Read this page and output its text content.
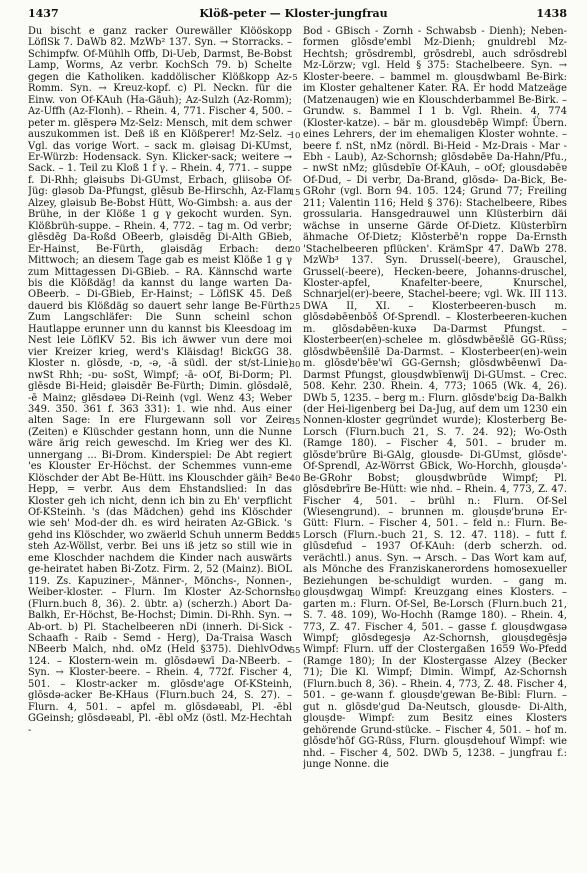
1437	Klöß-peter — Kloster-jungfrau	1438

Du bischt e ganz racker Ourewäller Klööskopp LöflSk 7. DaWb 82. MzWb² 137. Syn. → Storracks. – Schimpfw. Of-Mühlh Offb, Di-Ueb, Darmst, Be-Bobst Lamp, Worms, Az verbr. KochSch 79. b) Schelte gegen die Katholiken. kaddölischer Klößkopp Az-Romm. Syn. → Kreuz-kopf. c) Pl. Neckn. für die Einw. von Of-KAuh (Ha-Gäuh); Az-Sulzh (Az-Romm); Az-Uffh (Az-Flonh). – Rhein. 4, 771. Fischer 4, 500. – peter m. glēsperə Mz-Selz: Mensch, mit dem schwer auszukommen ist. Deß iß en Klößperer! Mz-Selz. – Vgl. das vorige Wort. – sack m. gləisag Di-KUmst, Er-Würzb: Hodensack. Syn. Klicker-sack; weitere → Sack. – 1. Teil zu Kloß 1 f γ. – Rhein. 4, 771. – suppe f. Di-Rhh; gləisubs Di-GUmst, Erbach, gliisobə Of-Jüg: gləsob Da-Pfungst, glēsub Be-Hirschh, Az-Flam Alzey, gləisub Be-Bobst Hütt, Wo-Gimbsh: a. aus der Brühe, in der Klöße 1 g γ gekocht wurden. Syn. Klößbrüh-suppe. – Rhein. 4, 772. – tag m. Od verbr; glēsdēg Da-Roßd OBeerb, gləisdēg Di-Alth GBieb, Er-Hainst, Be-Fürth, gləisdāg Erbach: der Mittwoch; an diesem Tage gab es meist Klöße 1 g γ zum Mittagessen Di-GBieb. – RA. Kännschd warte bis die Klößdäg! da kannst du lange warten Da-OBeerb. – Di-GBieb, Er-Hainst; – LöflSK 45. Deß dauerd bis Klößdäg so dauert sehr lange Be-Fürth. Zum Langschläfer: Die Sunn scheinl schon Hautlappe erunner unn du kannst bis Kleesdoag im Nest leie LöflKV 52. Bis ich äwwer vun dere moi vier Kreizer krieg, werd's Kläisdag! BickGG 38. Kloster n. glōsdɐ, -ɒ, -ə, -ā südl. der st/st-Linie) nwSt Rhh; -ɒu- soSt, Wimpf; -ā- oOf, Bi-Dorm; Pl. glēsdɐ Bi-Heid; gləisdēr Be-Fürth; Dimin. glōsdəlē, -ē Mainz; glēsdəɐə Di-Reinh (vgl. Wenz 43; Weber 349. 350. 361 f. 363 331): 1. wie nhd. Aus einer alten Sage: In ere Flurgewann soll vor Zeire (Zeiten) e Klüschder gestann honn, unn die Nunne wäre ärig reich geweschd. Im Krieg wer des Kl. unnergang ... Bi-Drom. Kinderspiel: De Abt regiert 'es Klouster Er-Höchst. der Schemmes vunn-eme Klöschder der Abt Be-Hütt. ins Klouschder gäih² Be-Hepp, = verbr. Aus dem Ehstandslied: In das Kloster geh ich nicht, denn ich bin zu Eh' verpflicht Of-KSteinh. 's (das Mädchen) gehd ins Klöschder wie seh' Mod-der dh. es wird heiraten Az-GBick. 's gehd ins Klöschder, wo zwäerld Schuh unnerm Bedd steh Az-Wöllst, verbr. Bei uns iß jetz so still wie in eme Kloschder nachdem die Kinder nach auswärts ge-heiratet haben Bi-Zotz. Firm. 2, 52 (Mainz). BiOL 119. Zs. Kapuziner-, Männer-, Mönchs-, Nonnen-, Weiber-kloster. – Flurn. Im Kloster Az-Schornsh (Flurn.buch 8, 36). 2. übtr. a) (scherzh.) Abort Da-Balkh, Er-Höchst, Be-Hochst; Dimin. Di-Rhh. Syn. → Ab-ort. b) Pl. Stachelbeeren nDi (innerh. Di-Sick - Schaafh - Raib - Semd - Herg), Da-Traisa Wasch NBeerb Malch, nhd. oMz (Held §375). DiehlvOdw 124. – Klostern-wein m. glōsdəɐwī Da-NBeerb. – Syn. → Kloster-beere. – Rhein. 4, 772f. Fischer 4, 501. – Klostr-acker m. glōsdɐ'agɐ Of-KSteinh, glōsdə-acker Be-KHaus (Flurn.buch 24, S. 27). – Flurn. 4, 501. – apfel m. glōsdəɐabl, Pl. -ēbl GGeinsh; glōsdəɐabl, Pl. -ēbl oMz (östl. Mz-Hechtah -

5
10
15
20
25
30
35
40
45
50
55

Bod - GBisch - Zornh - Schwabsb - Dienh); Neben-formen glōsdɐ'embl Mz-Dienh; gnuldrebl Mz-Hechtsh; grōsdrembl, grōsdrebl, auch sdrōsdrebl Mz-Lörzw; vgl. Held § 375: Stachelbeere. Syn. → Kloster-beere. – bammel m. glouṣdwbaml Be-Birk: im Kloster gehaltener Kater. RA. Er hodd Matzeäge (Matzenaugen) wie en Klouschderbammel Be-Birk. – Grundw. s. Bammel I 1 b. Vgl. Rhein. 4, 774 (Kloster-katze). – bär m. glousdɐbēp Wimpf: Übern. eines Lehrers, der im ehemaligen Kloster wohnte. – beere f. nSt, nMz (nördl. Bi-Heid - Mz-Drais - Mar - Ebh - Laub), Az-Schornsh; glōsdəbēɐ Da-Hahn/Pfu., – nwSt nMz; glūsdɐbīɐ Of-KAuh, – oOf; glousdəbēɐ Of-Dud, – Di verbr, Da-Brand, glōsdə- Da-Bick, Be-GRohr (vgl. Born 94. 105. 124; Grund 77; Freiling 211; Valentin 116; Held § 376): Stachelbeere, Ribes grossularia. Hansgedrauwel unn Klüsterbirn däi wächse in unserne Gärde Of-Dietz. Klüsterbīrn ähmache Of-Dietz; Klōsterbē'n roppe Da-Ernsth 'Stachelbeeren pflücken'. KrämSpr 47. DaWb 278. MzWb³ 137. Syn. Drussel(-beere), Grauschel, Grussel(-beere), Hecken-beere, Johanns-druschel, Kloster-apfel, Knafelter-beere, Knurschel, Schnarjel(er)-beere, Stachel-beere; vgl. Wk. III 113. DWA II, XI. – Klosterbeeren-busch m. glōsdəbēɐnbōš Of-Sprendl. – Klosterbeeren-kuchen m. glōsdəbēɐn-kuxə Da-Darmst Pfungst. – Klosterbeer(en)-schelee m. glōsdwbēɐšlē GG-Rüss; glōsdwbēɐnšilē Da-Darmst. – Klosterbeer(en)-wein m. glōsdɐ'bēɐ'wī GG-Gernsh; glōsdwbēɐnwī Da-Darmst Pfungst, glouṣdwbīɐnwīj Di-GUmst. – Crec. 508. Kehr. 230. Rhein. 4, 773; 1065 (Wk. 4, 26). DWb 5, 1235. – berg m.: Flurn. glōsdɐ'bɛig Da-Balkh (der Hei-ligenberg bei Da-Jug, auf dem um 1230 ein Nonnen-kloster gegründet wurde); Klosterberg Be-Lorsch (Flurn.buch 21, S. 7. 24. 92); Wo-Osth (Ramge 180). – Fischer 4, 501. – bruder m. glōsdɐ'brūrɐ Bi-GAlg, glousdɐ- Di-GUmst, glōsdɐ'- Of-Sprendl, Az-Wörrst GBick, Wo-Horchh, glouṣdə'- Be-GRohr Bobst; glouṣdwbrūdɐ Wimpf; Pl. glōsdɐbrīrɐ Be-Hütt: wie nhd. – Rhein. 4, 773, Z. 47. Fischer 4, 501. – brühl n.: Flurn. Of-Sel (Wiesengrund). – brunnen m. glouṣdɐ'brunə Er-Gütt: Flurn. – Fischer 4, 501. – feld n.: Flurn. Be-Lorsch (Flurn.-buch 21, S. 12. 47. 118). – futt f. glūsdɐfud – 1937 Of-KAuh: (derb scherzh. od. verächtl.) anus. Syn. → Arsch. – Das Wort kam auf, als Mönche des Franziskanerordens homosexueller Beziehungen be-schuldigt wurden. – gang m. glouṣdwgaŋ Wimpf: Kreuzgang eines Klosters. – garten m.: Flurn. Of-Sel, Be-Lorsch (Flurn.buch 21, S. 7. 48. 109), Wo-Hochh (Ramge 180). – Rhein. 4, 773, Z. 47. Fischer 4, 501. – gasse f. glouṣdwgasə Wimpf; glōsdɐgesjə Az-Schornsh, glouṣdɐgēsjə Wimpf: Flurn. uff der Clostergaßen 1659 Wo-Pfedd (Ramge 180); In der Klostergasse Alzey (Becker 71); Die Kl. Wimpf; Dimin. Wimpf, Az-Schornsh (Flurn.buch 8, 36). – Rhein. 4, 773, Z. 48. Fischer 4, 501. – ge-wann f. glouṣdɐ'gɐwan Be-Bibl: Flurn. – gut n. glōsdɐ'gud Da-Neutsch, glousdɐ- Di-Alth, glouṣdɐ- Wimpf: zum Besitz eines Klosters gehörende Grund-stücke. – Fischer 4, 501. – hof m. glōsdɐ'hōf GG-Rüss, Flurn. glouṣdɐhouf Wimpf: wie nhd. – Fischer 4, 502. DWb 5, 1238. – jungfrau f.: junge Nonne. die
